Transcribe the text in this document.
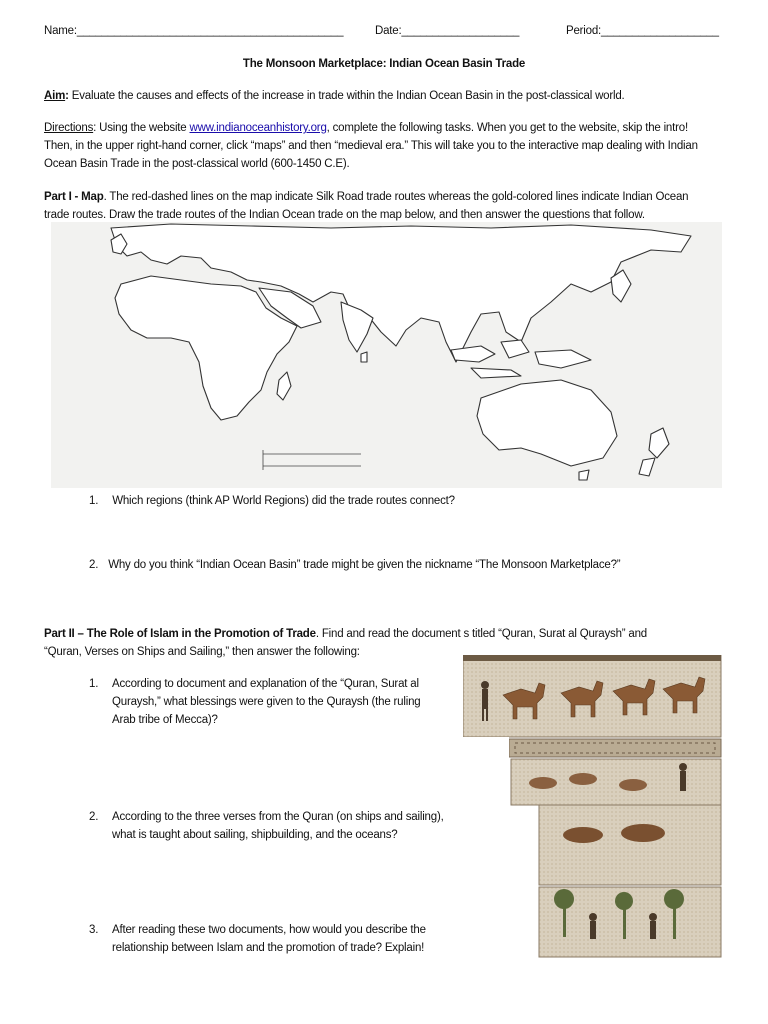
Name:___________________________________________	Date:___________________	Period:___________________
The Monsoon Marketplace: Indian Ocean Basin Trade
Aim: Evaluate the causes and effects of the increase in trade within the Indian Ocean Basin in the post-classical world.
Directions: Using the website www.indianoceanhistory.org, complete the following tasks. When you get to the website, skip the intro!
Then, in the upper right-hand corner, click “maps” and then “medieval era.” This will take you to the interactive map dealing with Indian
Ocean Basin Trade in the post-classical world (600-1450 C.E).
Part I - Map. The red-dashed lines on the map indicate Silk Road trade routes whereas the gold-colored lines indicate Indian Ocean
trade routes. Draw the trade routes of the Indian Ocean trade on the map below, and then answer the questions that follow.
1. Which regions (think AP World Regions) did the trade routes connect?
2. Why do you think “Indian Ocean Basin” trade might be given the nickname “The Monsoon Marketplace?”
Part II – The Role of Islam in the Promotion of Trade. Find and read the document s titled “Quran, Surat al Quraysh” and
“Quran, Verses on Ships and Sailing,” then answer the following:
1. According to document and explanation of the “Quran, Surat al
Quraysh,” what blessings were given to the Quraysh (the ruling
Arab tribe of Mecca)?
2. According to the three verses from the Quran (on ships and sailing),
what is taught about sailing, shipbuilding, and the oceans?
3. After reading these two documents, how would you describe the
relationship between Islam and the promotion of trade? Explain!
